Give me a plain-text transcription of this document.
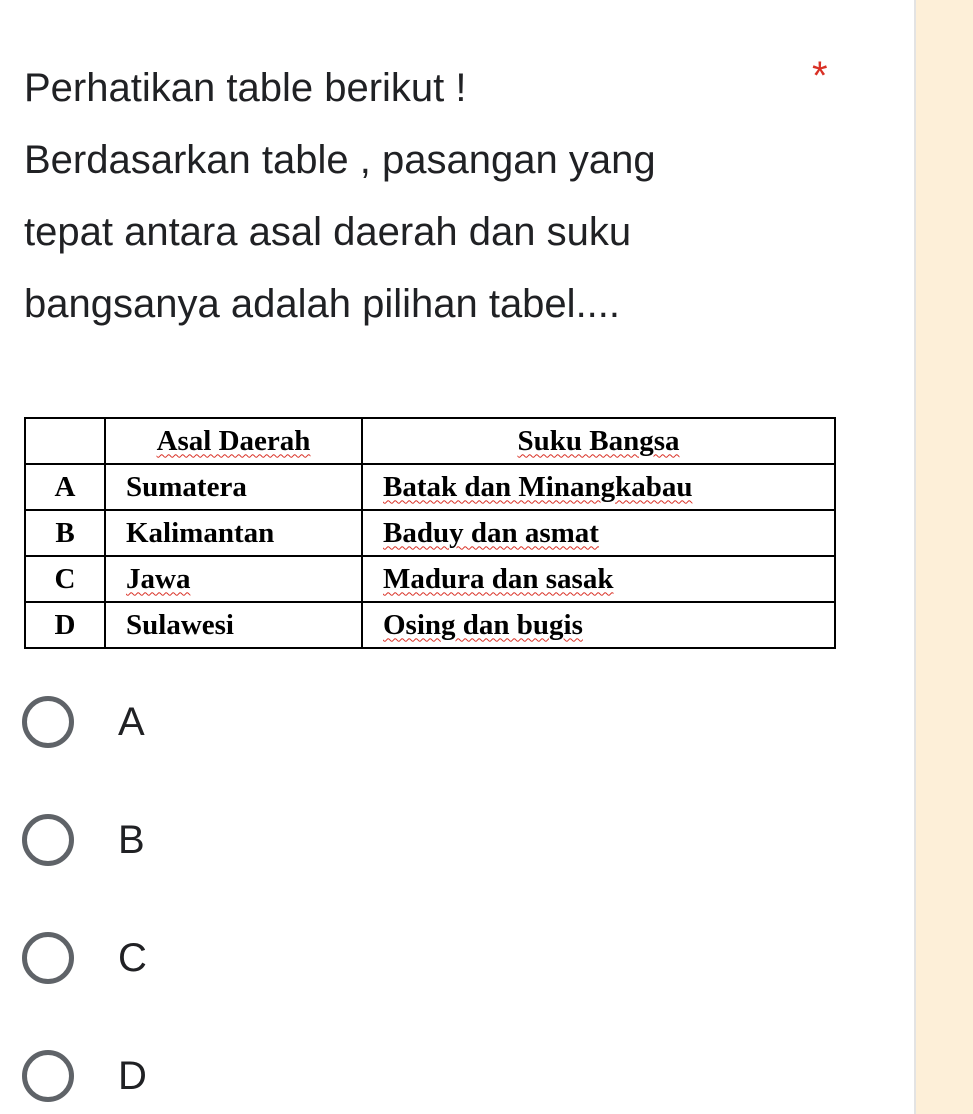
Perhatikan table berikut !
Berdasarkan table , pasangan yang
tepat antara asal daerah dan suku
bangsanya adalah pilihan tabel....

*
	Asal Daerah	Suku Bangsa
A	Sumatera	Batak dan Minangkabau
B	Kalimantan	Baduy dan asmat
C	Jawa	Madura dan sasak
D	Sulawesi	Osing dan bugis
A
B
C
D
